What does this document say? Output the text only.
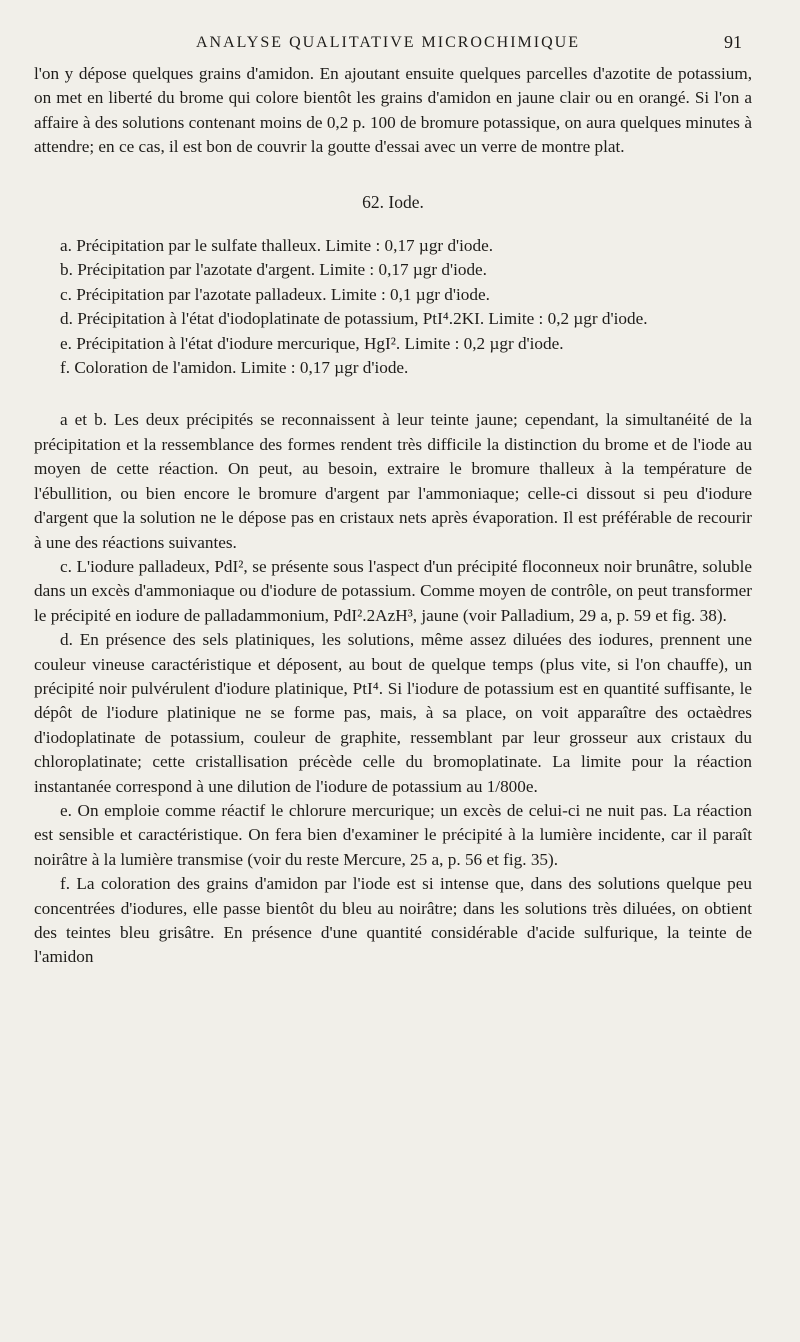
ANALYSE QUALITATIVE MICROCHIMIQUE	91

l'on y dépose quelques grains d'amidon. En ajoutant ensuite quelques parcelles d'azotite de potassium, on met en liberté du brome qui colore bientôt les grains d'amidon en jaune clair ou en orangé. Si l'on a affaire à des solutions contenant moins de 0,2 p. 100 de bromure potassique, on aura quelques minutes à attendre; en ce cas, il est bon de couvrir la goutte d'essai avec un verre de montre plat.

62. Iode.

a. Précipitation par le sulfate thalleux. Limite : 0,17 µgr d'iode.

b. Précipitation par l'azotate d'argent. Limite : 0,17 µgr d'iode.

c. Précipitation par l'azotate palladeux. Limite : 0,1 µgr d'iode.

d. Précipitation à l'état d'iodoplatinate de potassium, PtI⁴.2KI. Limite : 0,2 µgr d'iode.

e. Précipitation à l'état d'iodure mercurique, HgI². Limite : 0,2 µgr d'iode.

f. Coloration de l'amidon. Limite : 0,17 µgr d'iode.

a et b. Les deux précipités se reconnaissent à leur teinte jaune; cependant, la simultanéité de la précipitation et la ressemblance des formes rendent très difficile la distinction du brome et de l'iode au moyen de cette réaction. On peut, au besoin, extraire le bromure thalleux à la température de l'ébullition, ou bien encore le bromure d'argent par l'ammoniaque; celle-ci dissout si peu d'iodure d'argent que la solution ne le dépose pas en cristaux nets après évaporation. Il est préférable de recourir à une des réactions suivantes.

c. L'iodure palladeux, PdI², se présente sous l'aspect d'un précipité floconneux noir brunâtre, soluble dans un excès d'ammoniaque ou d'iodure de potassium. Comme moyen de contrôle, on peut transformer le précipité en iodure de palladammonium, PdI².2AzH³, jaune (voir Palladium, 29 a, p. 59 et fig. 38).

d. En présence des sels platiniques, les solutions, même assez diluées des iodures, prennent une couleur vineuse caractéristique et déposent, au bout de quelque temps (plus vite, si l'on chauffe), un précipité noir pulvérulent d'iodure platinique, PtI⁴. Si l'iodure de potassium est en quantité suffisante, le dépôt de l'iodure platinique ne se forme pas, mais, à sa place, on voit apparaître des octaèdres d'iodoplatinate de potassium, couleur de graphite, ressemblant par leur grosseur aux cristaux du chloroplatinate; cette cristallisation précède celle du bromoplatinate. La limite pour la réaction instantanée correspond à une dilution de l'iodure de potassium au 1/800e.

e. On emploie comme réactif le chlorure mercurique; un excès de celui-ci ne nuit pas. La réaction est sensible et caractéristique. On fera bien d'examiner le précipité à la lumière incidente, car il paraît noirâtre à la lumière transmise (voir du reste Mercure, 25 a, p. 56 et fig. 35).

f. La coloration des grains d'amidon par l'iode est si intense que, dans des solutions quelque peu concentrées d'iodures, elle passe bientôt du bleu au noirâtre; dans les solutions très diluées, on obtient des teintes bleu grisâtre. En présence d'une quantité considérable d'acide sulfurique, la teinte de l'amidon
